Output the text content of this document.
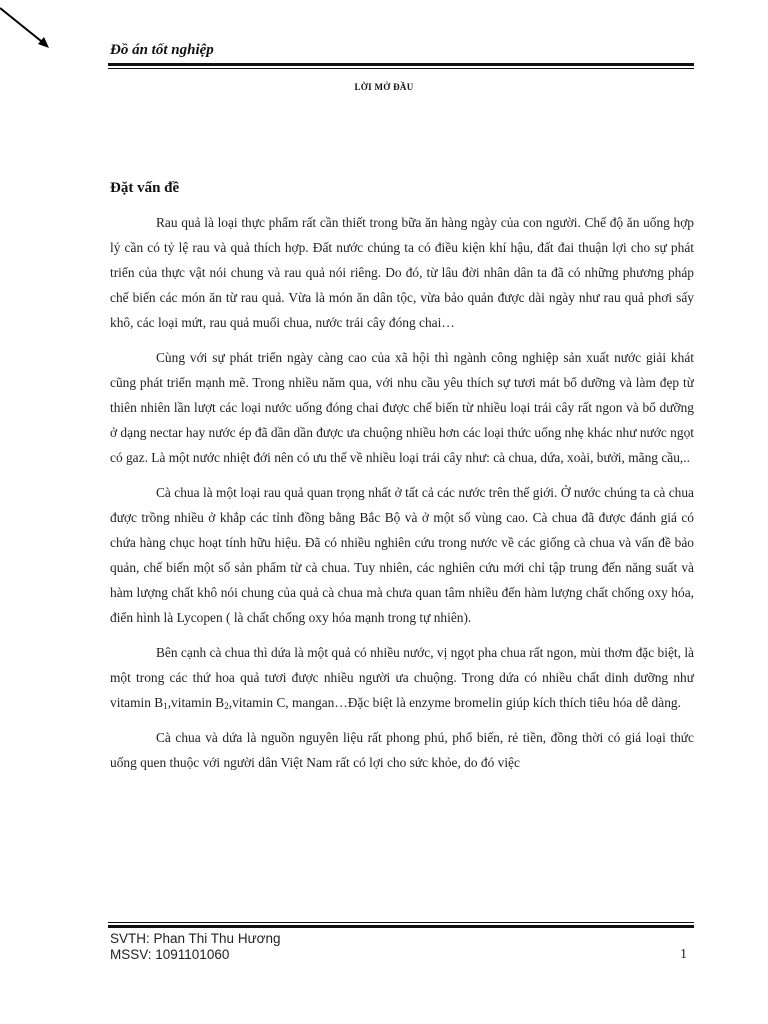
Đồ án tốt nghiệp
LỜI MỞ ĐẦU
Đặt vấn đề

Rau quả là loại thực phẩm rất cần thiết trong bữa ăn hàng ngày của con người. Chế độ ăn uống hợp lý cần có tỷ lệ rau và quả thích hợp. Đất nước chúng ta có điều kiện khí hậu, đất đai thuận lợi cho sự phát triển của thực vật nói chung và rau quả nói riêng. Do đó, từ lâu đời nhân dân ta đã có những phương pháp chế biến các món ăn từ rau quả. Vừa là món ăn dân tộc, vừa bảo quản được dài ngày như rau quả phơi sấy khô, các loại mứt, rau quả muối chua, nước trái cây đóng chai…

Cùng với sự phát triển ngày càng cao của xã hội thì ngành công nghiệp sản xuất nước giải khát cũng phát triển mạnh mẽ. Trong nhiều năm qua, với nhu cầu yêu thích sự tươi mát bổ dưỡng và làm đẹp từ thiên nhiên lần lượt các loại nước uống đóng chai được chế biến từ nhiều loại trái cây rất ngon và bổ dưỡng ở dạng nectar hay nước ép đã dần dần được ưa chuộng nhiều hơn các loại thức uống nhẹ khác như nước ngọt có gaz. Là một nước nhiệt đới nên có ưu thế về nhiều loại trái cây như: cà chua, dứa, xoài, bưởi, mãng cầu,..

Cà chua là một loại rau quả quan trọng nhất ở tất cả các nước trên thế giới. Ở nước chúng ta cà chua được trồng nhiều ở khắp các tỉnh đồng bằng Bắc Bộ và ở một số vùng cao. Cà chua đã được đánh giá có chứa hàng chục hoạt tính hữu hiệu. Đã có nhiều nghiên cứu trong nước về các giống cà chua và vấn đề bảo quản, chế biến một số sản phẩm từ cà chua. Tuy nhiên, các nghiên cứu mới chỉ tập trung đến năng suất và hàm lượng chất khô nói chung của quả cà chua mà chưa quan tâm nhiều đến hàm lượng chất chống oxy hóa, điển hình là Lycopen ( là chất chống oxy hóa mạnh trong tự nhiên).

Bên cạnh cà chua thì dứa là một quả có nhiều nước, vị ngọt pha chua rất ngon, mùi thơm đặc biệt, là một trong các thứ hoa quả tươi được nhiều người ưa chuộng. Trong dứa có nhiều chất dinh dưỡng như vitamin $B_1,vitamin$ $B_2,vitamin$ C, mangan…Đặc biệt là enzyme bromelin giúp kích thích tiêu hóa dễ dàng.

Cà chua và dứa là nguồn nguyên liệu rất phong phú, phổ biến, rẻ tiền, đồng thời có giá loại thức uống quen thuộc với người dân Việt Nam rất có lợi cho sức khỏe, do đó việc

SVTH: Phan Thi Thu Hương
MSSV: 1091101060	1
